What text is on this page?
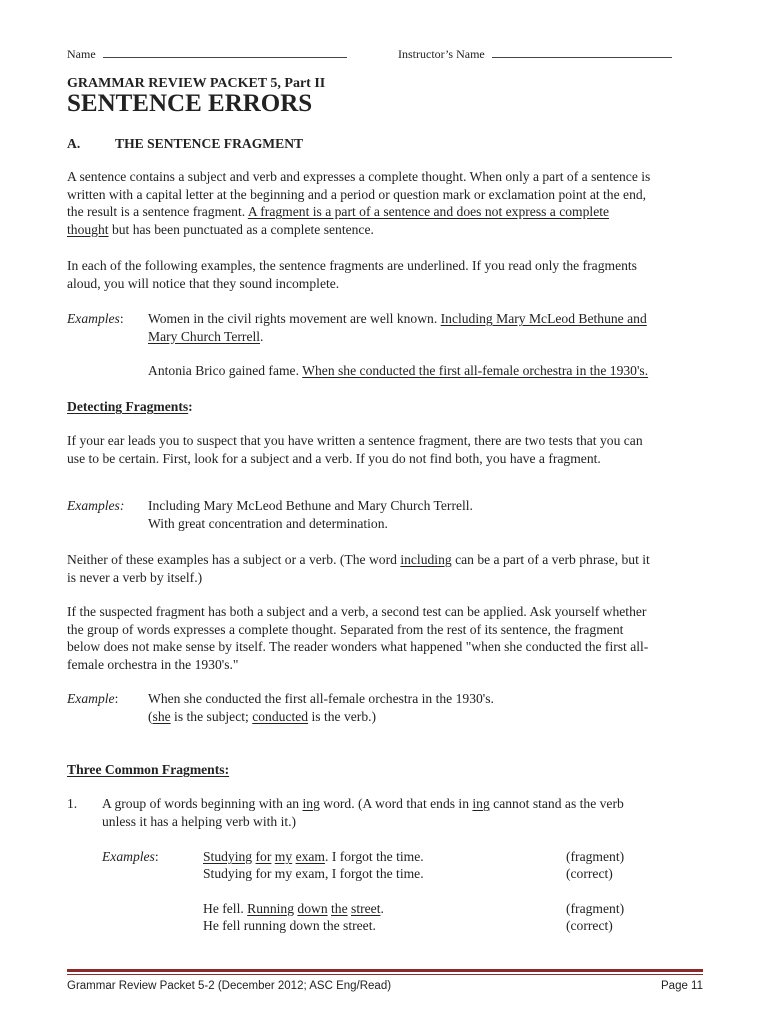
Name	Instructor’s Name
GRAMMAR REVIEW PACKET 5, Part II
SENTENCE ERRORS
A.	THE SENTENCE FRAGMENT
A sentence contains a subject and verb and expresses a complete thought. When only a part of a sentence is
written with a capital letter at the beginning and a period or question mark or exclamation point at the end,
the result is a sentence fragment. A fragment is a part of a sentence and does not express a complete
thought but has been punctuated as a complete sentence.
In each of the following examples, the sentence fragments are underlined. If you read only the fragments
aloud, you will notice that they sound incomplete.
Examples: Women in the civil rights movement are well known. Including Mary McLeod Bethune and
Mary Church Terrell.
Antonia Brico gained fame. When she conducted the first all-female orchestra in the 1930's.
Detecting Fragments:
If your ear leads you to suspect that you have written a sentence fragment, there are two tests that you can
use to be certain. First, look for a subject and a verb. If you do not find both, you have a fragment.
Examples: Including Mary McLeod Bethune and Mary Church Terrell.
With great concentration and determination.
Neither of these examples has a subject or a verb. (The word including can be a part of a verb phrase, but it
is never a verb by itself.)
If the suspected fragment has both a subject and a verb, a second test can be applied. Ask yourself whether
the group of words expresses a complete thought. Separated from the rest of its sentence, the fragment
below does not make sense by itself. The reader wonders what happened "when she conducted the first all-
female orchestra in the 1930's."
Example: When she conducted the first all-female orchestra in the 1930's.
(she is the subject; conducted is the verb.)
Three Common Fragments:
1. A group of words beginning with an ing word. (A word that ends in ing cannot stand as the verb
unless it has a helping verb with it.)
Examples:	Studying for my exam. I forgot the time.	(fragment)
Studying for my exam, I forgot the time.	(correct)
He fell. Running down the street.	(fragment)
He fell running down the street.	(correct)
Grammar Review Packet 5-2 (December 2012; ASC Eng/Read)	Page 11
